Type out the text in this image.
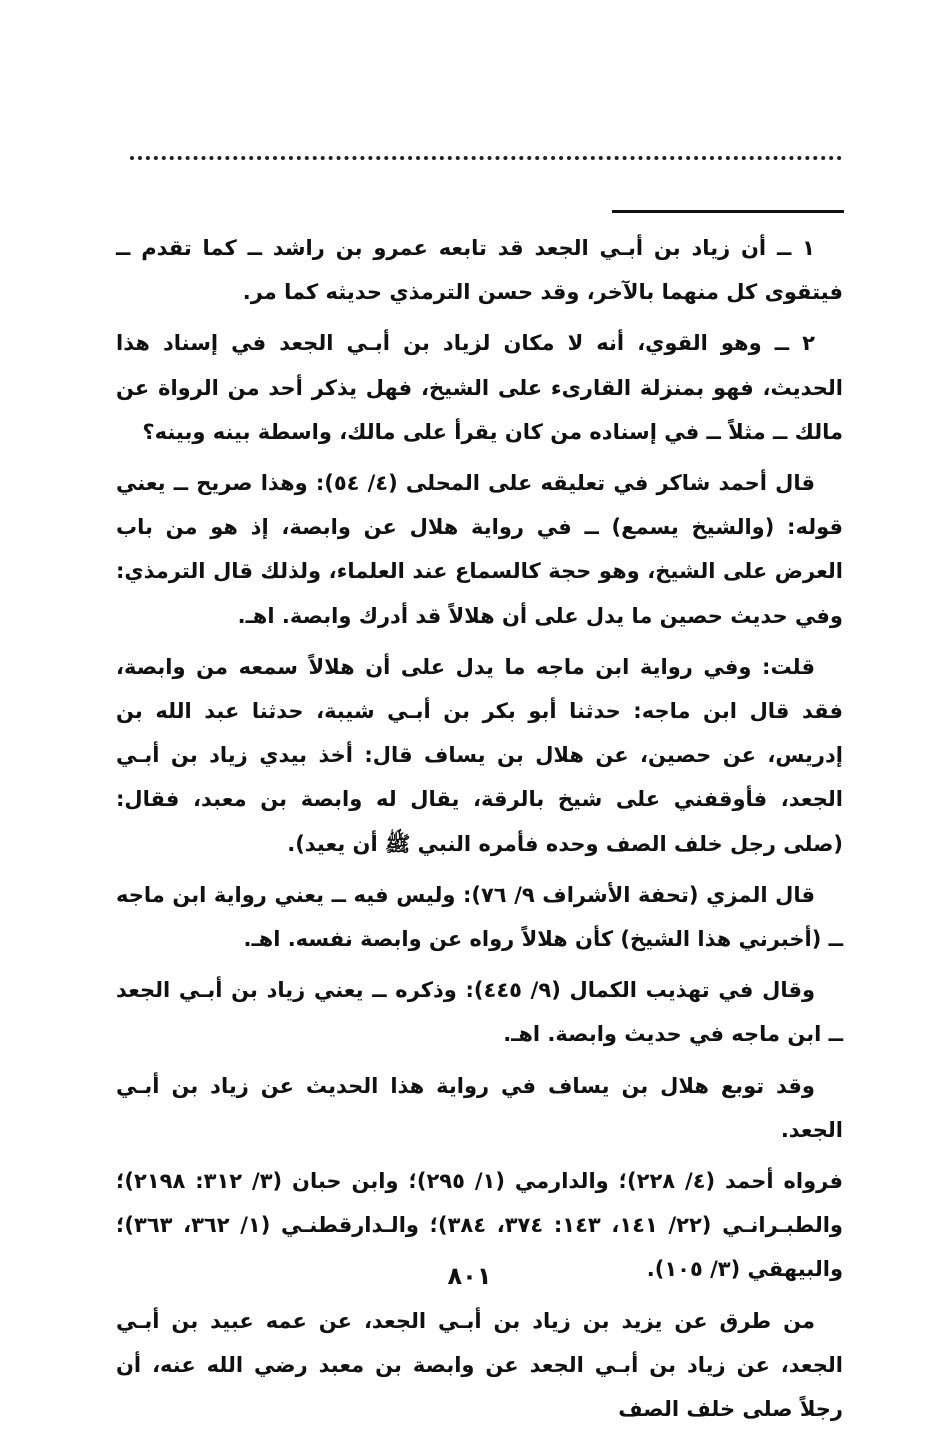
١ ــ أن زياد بن أبـي الجعد قد تابعه عمرو بن راشد ــ كما تقدم ــ فيتقوى كل منهما بالآخر، وقد حسن الترمذي حديثه كما مر.

٢ ــ وهو القوي، أنه لا مكان لزياد بن أبـي الجعد في إسناد هذا الحديث، فهو بمنزلة القارىء على الشيخ، فهل يذكر أحد من الرواة عن مالك ــ مثلاً ــ في إسناده من كان يقرأ على مالك، واسطة بينه وبينه؟

قال أحمد شاكر في تعليقه على المحلى (٤/ ٥٤): وهذا صريح ــ يعني قوله: (والشيخ يسمع) ــ في رواية هلال عن وابصة، إذ هو من باب العرض على الشيخ، وهو حجة كالسماع عند العلماء، ولذلك قال الترمذي: وفي حديث حصين ما يدل على أن هلالاً قد أدرك وابصة. اهـ.

قلت: وفي رواية ابن ماجه ما يدل على أن هلالاً سمعه من وابصة، فقد قال ابن ماجه: حدثنا أبو بكر بن أبـي شيبة، حدثنا عبد الله بن إدريس، عن حصين، عن هلال بن يساف قال: أخذ بيدي زياد بن أبـي الجعد، فأوقفني على شيخ بالرقة، يقال له وابصة بن معبد، فقال: (صلى رجل خلف الصف وحده فأمره النبي ﷺ أن يعيد).

قال المزي (تحفة الأشراف ٩/ ٧٦): وليس فيه ــ يعني رواية ابن ماجه ــ (أخبرني هذا الشيخ) كأن هلالاً رواه عن وابصة نفسه. اهـ.

وقال في تهذيب الكمال (٩/ ٤٤٥): وذكره ــ يعني زياد بن أبـي الجعد ــ ابن ماجه في حديث وابصة. اهـ.

وقد توبع هلال بن يساف في رواية هذا الحديث عن زياد بن أبـي الجعد.

فرواه أحمد (٤/ ٢٢٨)؛ والدارمي (١/ ٢٩٥)؛ وابن حبان (٣/ ٣١٢: ٢١٩٨)؛ والطبـرانـي (٢٢/ ١٤١، ١٤٣: ٣٧٤، ٣٨٤)؛ والـدارقطنـي (١/ ٣٦٢، ٣٦٣)؛ والبيهقي (٣/ ١٠٥).

من طرق عن يزيد بن زياد بن أبـي الجعد، عن عمه عبيد بن أبـي الجعد، عن زياد بن أبـي الجعد عن وابصة بن معبد رضي الله عنه، أن رجلاً صلى خلف الصف

٨٠١
